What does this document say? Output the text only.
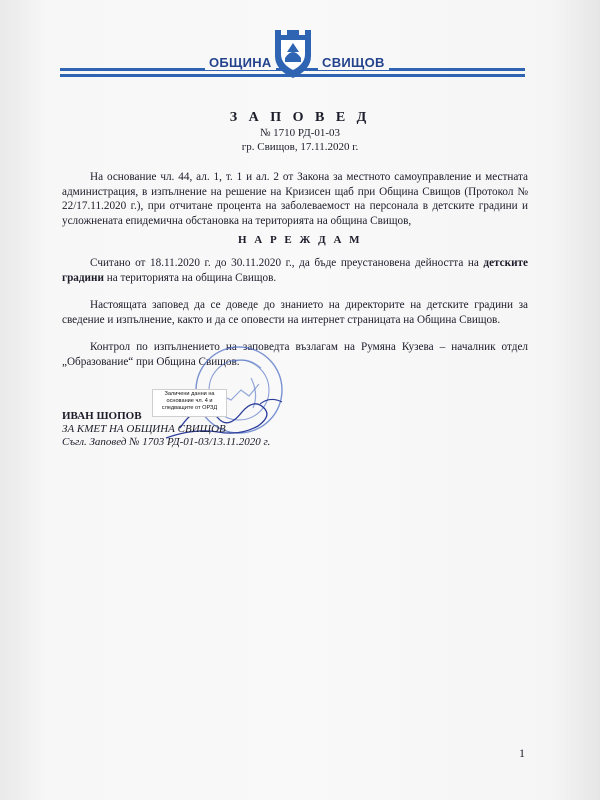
ОБЩИНА	СВИЩОВ
З А П О В Е Д
№ 1710 РД-01-03
гр. Свищов, 17.11.2020 г.
На основание чл. 44, ал. 1, т. 1 и ал. 2 от Закона за местното самоуправление и местната администрация, в изпълнение на решение на Кризисен щаб при Община Свищов (Протокол № 22/17.11.2020 г.), при отчитане процента на заболеваемост на персонала в детските градини и усложнената епидемична обстановка на територията на община Свищов,
Н А Р Е Ж Д А М
Считано от 18.11.2020 г. до 30.11.2020 г., да бъде преустановена дейността на детските градини на територията на община Свищов.
Настоящата заповед да се доведе до знанието на директорите на детските градини за сведение и изпълнение, както и да се оповести на интернет страницата на Община Свищов.
Контрол по изпълнението на заповедта възлагам на Румяна Кузева – началник отдел „Образование“ при Община Свищов.
Заличени данни на основание чл. 4 и следващите от ОРЗД
ИВАН ШОПОВ
ЗА КМЕТ НА ОБЩИНА СВИЩОВ
Съгл. Заповед № 1703 РД-01-03/13.11.2020 г.
1
